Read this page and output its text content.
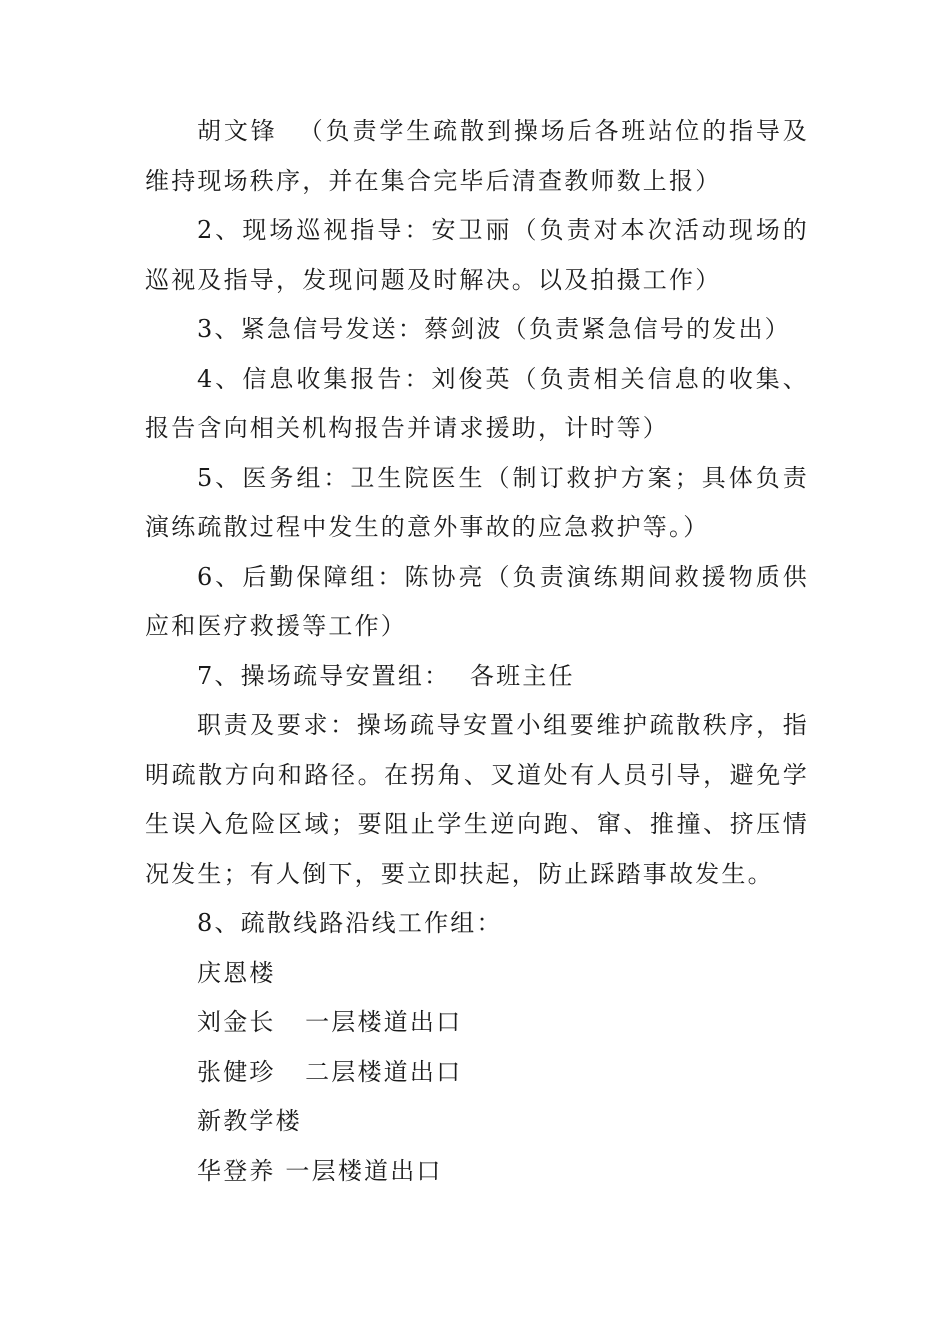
胡文锋  （负责学生疏散到操场后各班站位的指导及维持现场秩序，并在集合完毕后清查教师数上报）

2、现场巡视指导：安卫丽（负责对本次活动现场的巡视及指导，发现问题及时解决。以及拍摄工作）

3、紧急信号发送：蔡剑波（负责紧急信号的发出）

4、信息收集报告：刘俊英（负责相关信息的收集、报告含向相关机构报告并请求援助，计时等）

5、医务组：卫生院医生（制订救护方案；具体负责演练疏散过程中发生的意外事故的应急救护等。）

6、后勤保障组：陈协亮（负责演练期间救援物质供应和医疗救援等工作）

7、操场疏导安置组：  各班主任

职责及要求：操场疏导安置小组要维护疏散秩序，指明疏散方向和路径。在拐角、叉道处有人员引导，避免学生误入危险区域；要阻止学生逆向跑、窜、推撞、挤压情况发生；有人倒下，要立即扶起，防止踩踏事故发生。

8、疏散线路沿线工作组：

庆恩楼

刘金长   一层楼道出口

张健珍   二层楼道出口

新教学楼

华登养 一层楼道出口
